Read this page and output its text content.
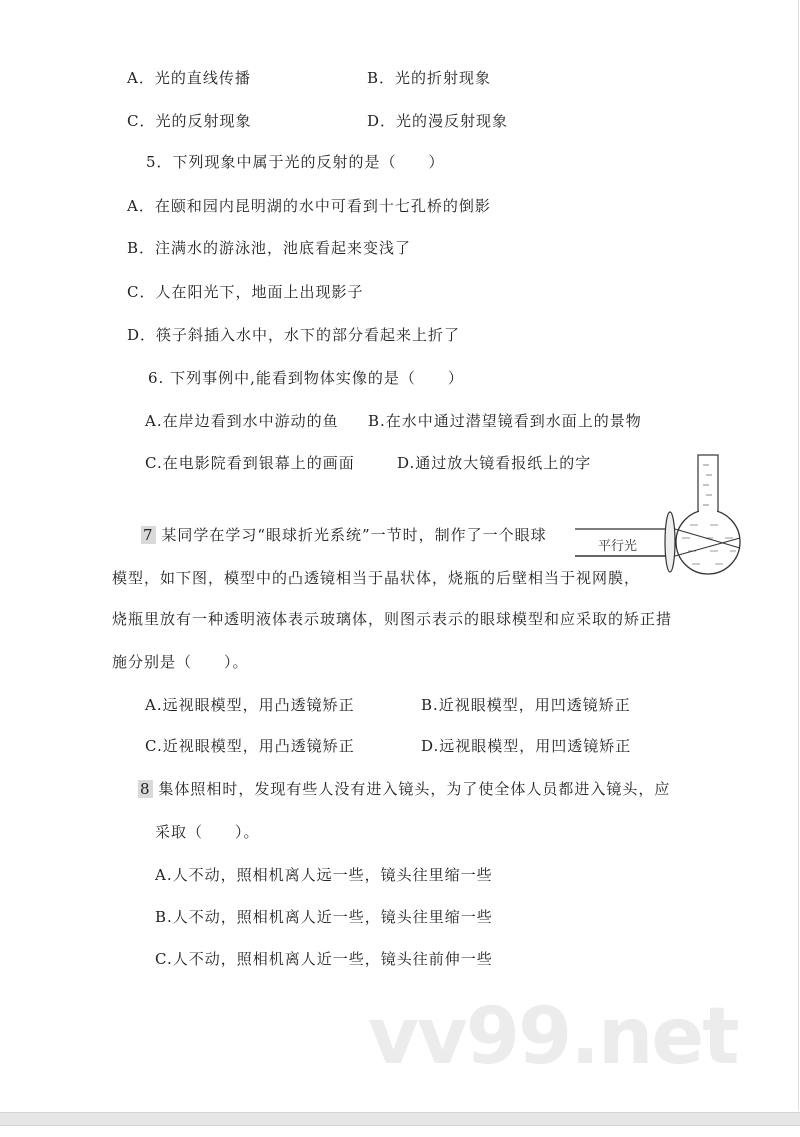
A．光的直线传播	B．光的折射现象
C．光的反射现象	D．光的漫反射现象
5．下列现象中属于光的反射的是（　　）
A．在颐和园内昆明湖的水中可看到十七孔桥的倒影
B．注满水的游泳池，池底看起来变浅了
C．人在阳光下，地面上出现影子
D．筷子斜插入水中，水下的部分看起来上折了
6. 下列事例中,能看到物体实像的是（　　）
A.在岸边看到水中游动的鱼 B.在水中通过潜望镜看到水面上的景物
C.在电影院看到银幕上的画面	D.通过放大镜看报纸上的字
7 某同学在学习“眼球折光系统”一节时，制作了一个眼球
模型，如下图，模型中的凸透镜相当于晶状体，烧瓶的后壁相当于视网膜，
烧瓶里放有一种透明液体表示玻璃体，则图示表示的眼球模型和应采取的矫正措
施分别是（　　）。
平行光
A.远视眼模型，用凸透镜矫正	B.近视眼模型，用凹透镜矫正
C.近视眼模型，用凸透镜矫正	D.远视眼模型，用凹透镜矫正
8 集体照相时，发现有些人没有进入镜头，为了使全体人员都进入镜头，应
采取（　　）。
A.人不动，照相机离人远一些，镜头往里缩一些
B.人不动，照相机离人近一些，镜头往里缩一些
C.人不动，照相机离人近一些，镜头往前伸一些
vv99.net
